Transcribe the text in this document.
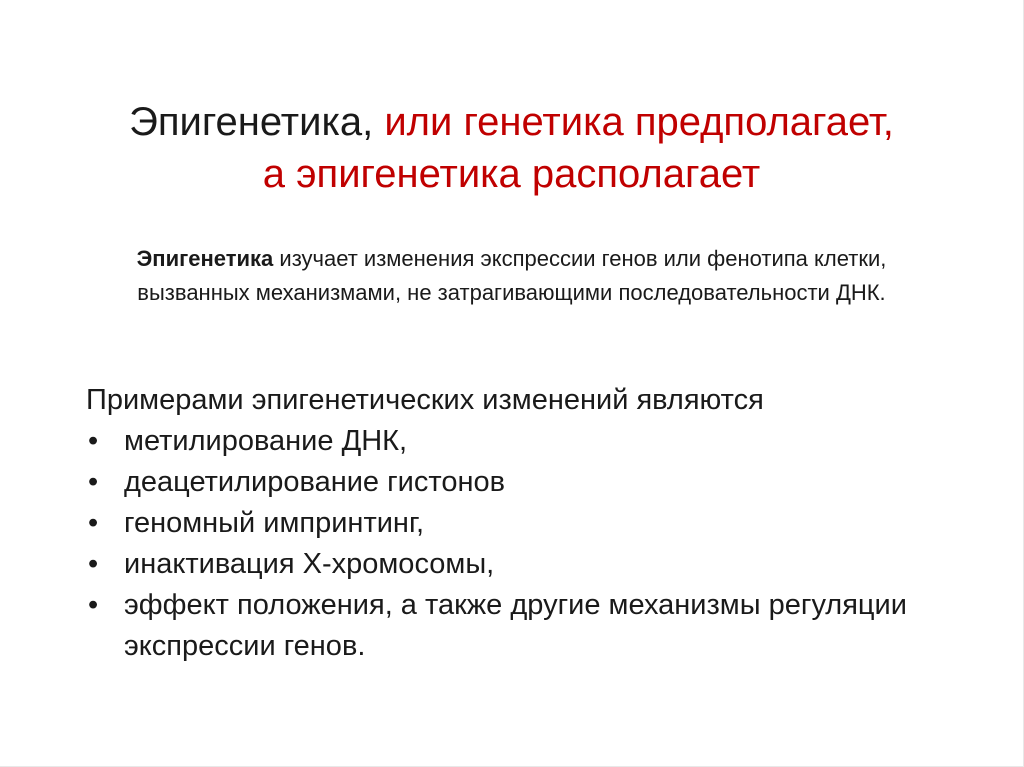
Эпигенетика, или генетика предполагает,
а эпигенетика располагает

Эпигенетика изучает изменения экспрессии генов или фенотипа клетки, вызванных механизмами, не затрагивающими последовательности ДНК.

Примерами эпигенетических изменений являются

• метилирование ДНК,
• деацетилирование гистонов
• геномный импринтинг,
• инактивация Х-хромосомы,
• эффект положения, а также другие механизмы регуляции экспрессии генов.
